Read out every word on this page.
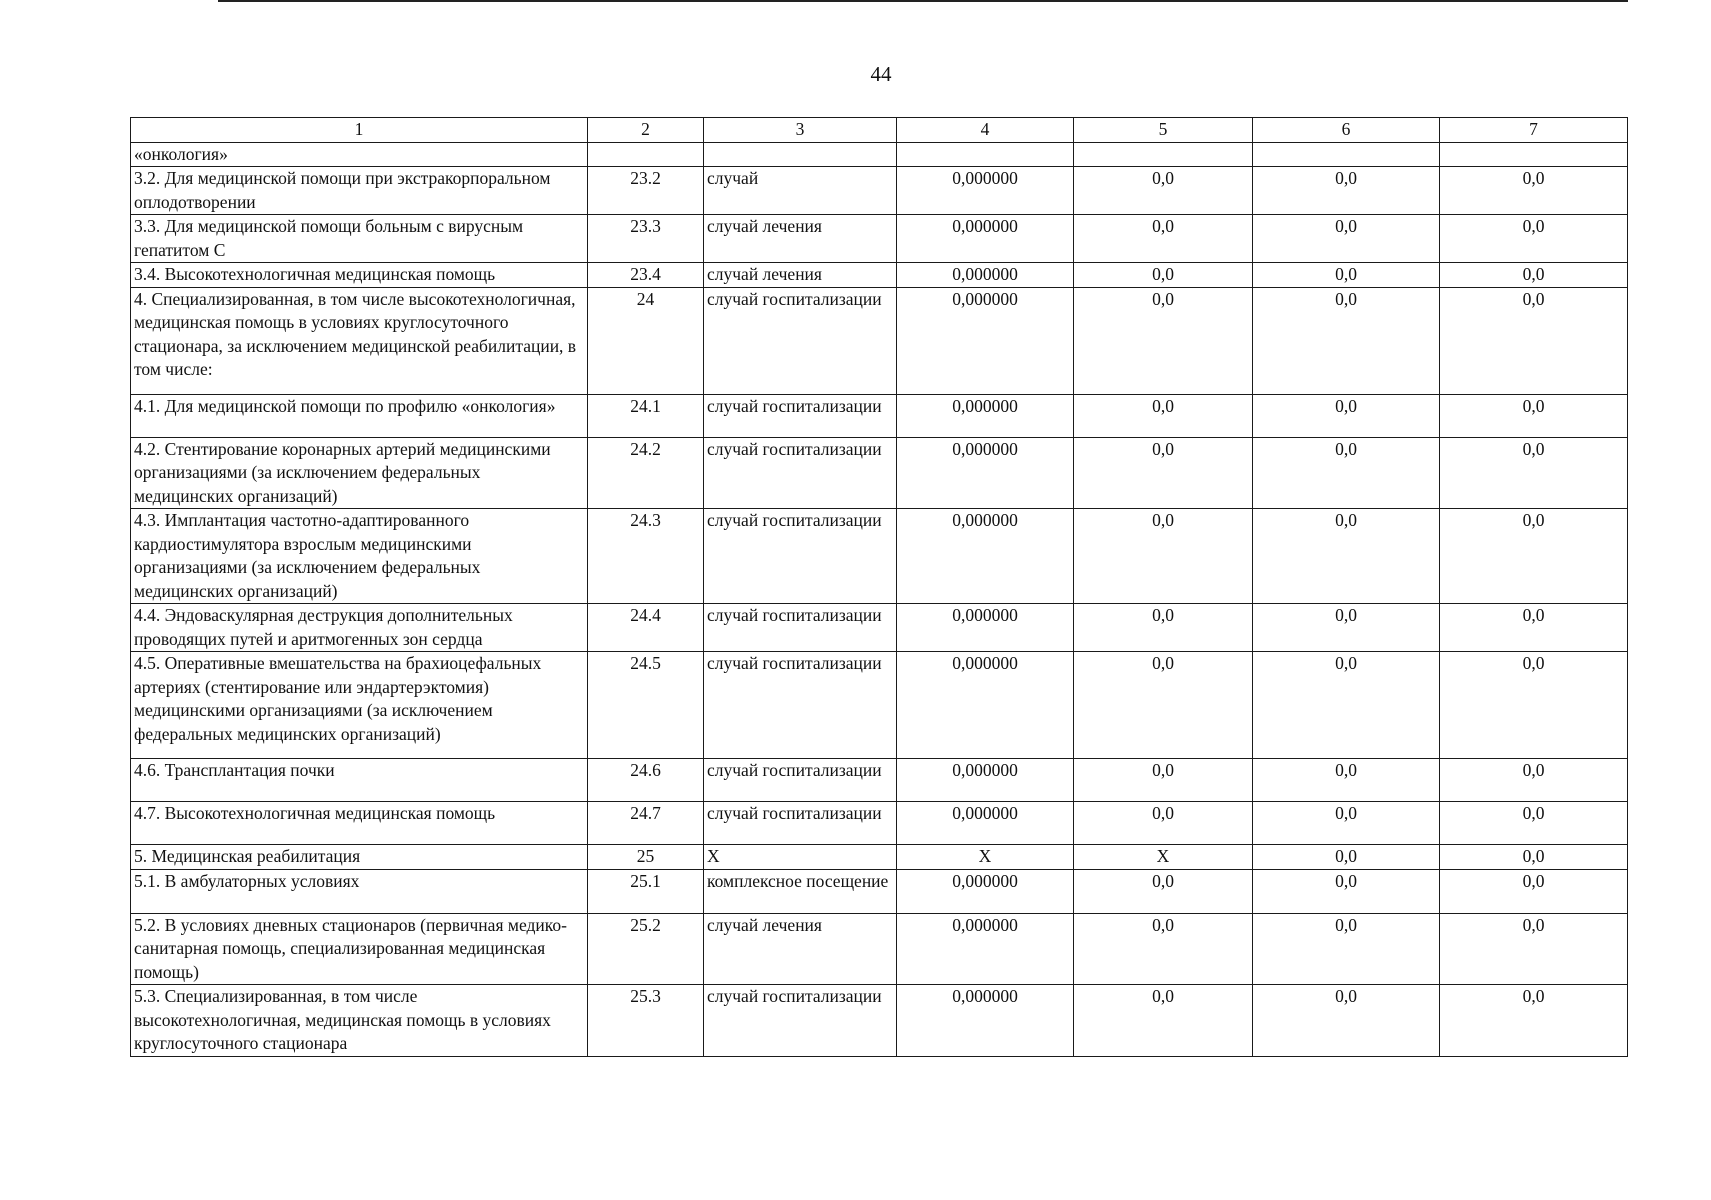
44
1	2	3	4	5	6	7
«онкология»						
3.2. Для медицинской помощи при экстракорпоральном оплодотворении	23.2	случай	0,000000	0,0	0,0	0,0
3.3. Для медицинской помощи больным с вирусным гепатитом С	23.3	случай лечения	0,000000	0,0	0,0	0,0
3.4. Высокотехнологичная медицинская помощь	23.4	случай лечения	0,000000	0,0	0,0	0,0
4. Специализированная, в том числе высокотехнологичная, медицинская помощь в условиях круглосуточного стационара, за исключением медицинской реабилитации, в том числе:	24	случай госпитализации	0,000000	0,0	0,0	0,0
4.1. Для медицинской помощи по профилю «онкология»	24.1	случай госпитализации	0,000000	0,0	0,0	0,0
4.2. Стентирование коронарных артерий медицинскими организациями (за исключением федеральных медицинских организаций)	24.2	случай госпитализации	0,000000	0,0	0,0	0,0
4.3. Имплантация частотно-адаптированного кардиостимулятора взрослым медицинскими организациями (за исключением федеральных медицинских организаций)	24.3	случай госпитализации	0,000000	0,0	0,0	0,0
4.4. Эндоваскулярная деструкция дополнительных проводящих путей и аритмогенных зон сердца	24.4	случай госпитализации	0,000000	0,0	0,0	0,0
4.5. Оперативные вмешательства на брахиоцефальных артериях (стентирование или эндартерэктомия) медицинскими организациями (за исключением федеральных медицинских организаций)	24.5	случай госпитализации	0,000000	0,0	0,0	0,0
4.6. Трансплантация почки	24.6	случай госпитализации	0,000000	0,0	0,0	0,0
4.7. Высокотехнологичная медицинская помощь	24.7	случай госпитализации	0,000000	0,0	0,0	0,0
5. Медицинская реабилитация	25	X	X	X	0,0	0,0
5.1. В амбулаторных условиях	25.1	комплексное посещение	0,000000	0,0	0,0	0,0
5.2. В условиях дневных стационаров (первичная медико-санитарная помощь, специализированная медицинская помощь)	25.2	случай лечения	0,000000	0,0	0,0	0,0
5.3. Специализированная, в том числе высокотехнологичная, медицинская помощь в условиях круглосуточного стационара	25.3	случай госпитализации	0,000000	0,0	0,0	0,0
